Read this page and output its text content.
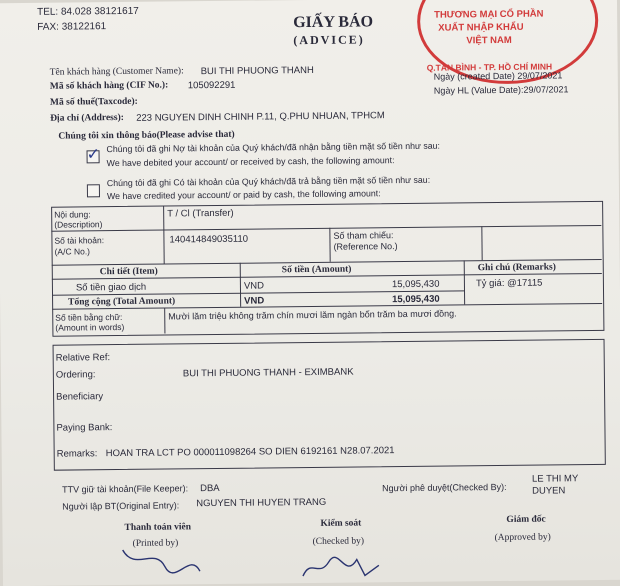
THƯƠNG MẠI CỔ PHẦN
XUẤT NHẬP KHẨU
VIỆT NAM
Q.TÂN BÌNH - TP. HỒ CHÍ MINH
TEL: 84.028 38121617
FAX: 38122161	GIẤY BÁO
(ADVICE)
Tên khách hàng (Customer Name): BUI THI PHUONG THANH
Mã số khách hàng (CIF No.): 105092291
Mã số thuế(Taxcode):
Địa chỉ (Address): 223 NGUYEN DINH CHINH P.11, Q.PHU NHUAN, TPHCM
Ngày (created Date) 29/07/2021
Ngày HL (Value Date):29/07/2021
Chúng tôi xin thông báo(Please advise that)
✓ Chúng tôi đã ghi Nợ tài khoản của Quý khách/đã nhận bằng tiền mặt số tiền như sau:
We have debited your account/ or received by cash, the following amount:
Chúng tôi đã ghi Có tài khoản của Quý khách/đã trả bằng tiền mặt số tiền như sau:
We have credited your account/ or paid by cash, the following amount:
Nội dung:
(Description)
T / Cl (Transfer)
Số tài khoản:
(A/C No.)
140414849035110	Số tham chiếu:
(Reference No.)
Chi tiết (Item)	Số tiền (Amount)	Ghi chú (Remarks)
Số tiền giao dịch	VND	15,095,430	Tỷ giá: @17115
Tổng cộng (Total Amount)	VND	15,095,430
Số tiền bằng chữ:
(Amount in words)
Mười lăm triệu không trăm chín mươi lăm ngàn bốn trăm ba mươi đồng.
Relative Ref:
Ordering:	BUI THI PHUONG THANH - EXIMBANK
Beneficiary
Paying Bank:
Remarks: HOAN TRA LCT PO 000011098264 SO DIEN 6192161 N28.07.2021
TTV giữ tài khoản(File Keeper): DBA
Người lập BT(Original Entry): NGUYEN THI HUYEN TRANG
Người phê duyệt(Checked By):
LE THI MY
DUYEN
Thanh toán viên
(Printed by)
Kiểm soát
(Checked by)
Giám đốc
(Approved by)
